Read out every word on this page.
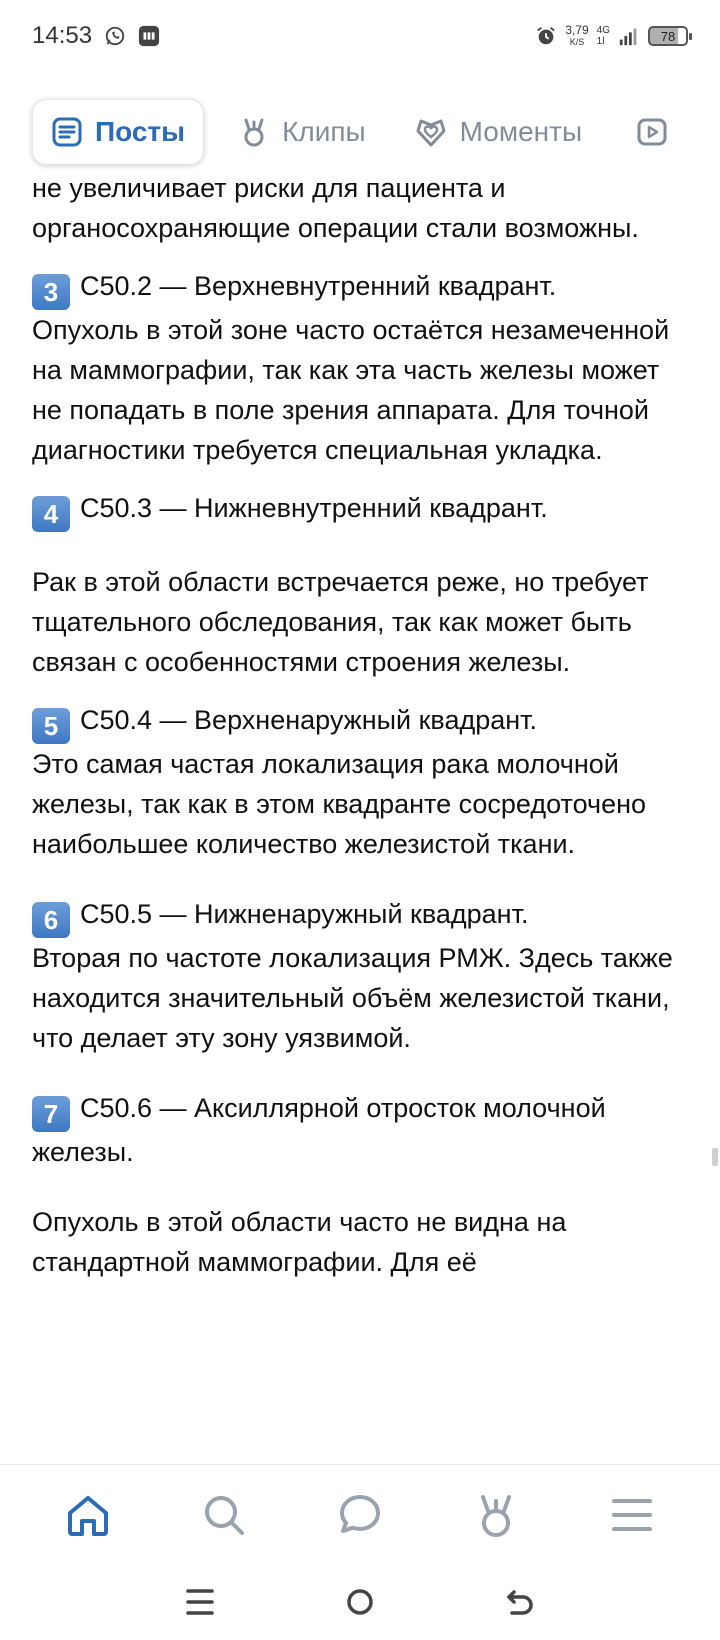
14:53	3,79
K/S
4G
1l	78
Посты	Клипы	Моменты

не увеличивает риски для пациента и органосохраняющие операции стали возможны.

3 C50.2 — Верхневнутренний квадрант.
Опухоль в этой зоне часто остаётся незамеченной на маммографии, так как эта часть железы может не попадать в поле зрения аппарата. Для точной диагностики требуется специальная укладка.

4 C50.3 — Нижневнутренний квадрант.

Рак в этой области встречается реже, но требует тщательного обследования, так как может быть связан с особенностями строения железы.

5 C50.4 — Верхненаружный квадрант.
Это самая частая локализация рака молочной железы, так как в этом квадранте сосредоточено наибольшее количество железистой ткани.

6 C50.5 — Нижненаружный квадрант.
Вторая по частоте локализация РМЖ. Здесь также находится значительный объём железистой ткани, что делает эту зону уязвимой.

7 C50.6 — Аксиллярной отросток молочной железы.

Опухоль в этой области часто не видна на стандартной маммографии. Для её
